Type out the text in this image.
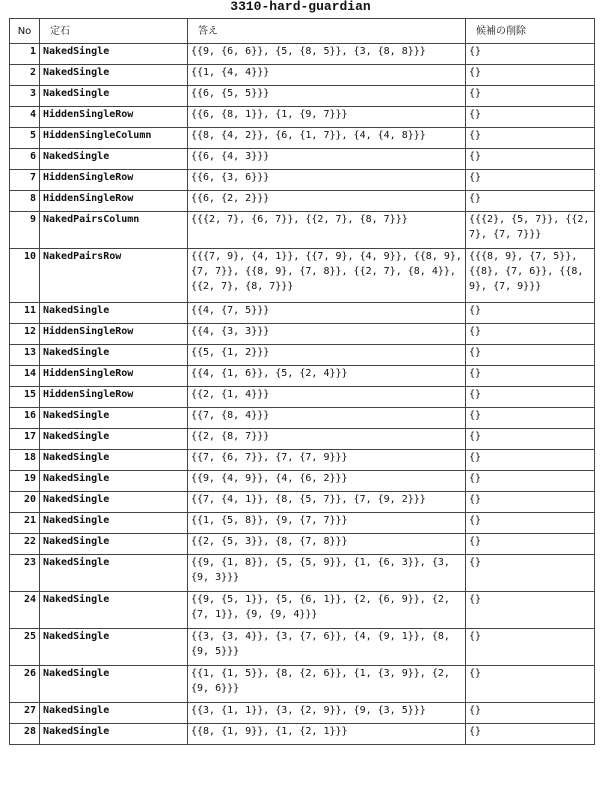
3310-hard-guardian
No	定石	答え	候補の削除
1	NakedSingle	{{9, {6, 6}}, {5, {8, 5}}, {3, {8, 8}}}	{}
2	NakedSingle	{{1, {4, 4}}}	{}
3	NakedSingle	{{6, {5, 5}}}	{}
4	HiddenSingleRow	{{6, {8, 1}}, {1, {9, 7}}}	{}
5	HiddenSingleColumn	{{8, {4, 2}}, {6, {1, 7}}, {4, {4, 8}}}	{}
6	NakedSingle	{{6, {4, 3}}}	{}
7	HiddenSingleRow	{{6, {3, 6}}}	{}
8	HiddenSingleRow	{{6, {2, 2}}}	{}
9	NakedPairsColumn	{{{2, 7}, {6, 7}}, {{2, 7}, {8, 7}}}	{{{2}, {5, 7}}, {{2, 7}, {7, 7}}}
10	NakedPairsRow	{{{7, 9}, {4, 1}}, {{7, 9}, {4, 9}}, {{8, 9}, {7, 7}}, {{8, 9}, {7, 8}}, {{2, 7}, {8, 4}}, {{2, 7}, {8, 7}}}	{{{8, 9}, {7, 5}}, {{8}, {7, 6}}, {{8, 9}, {7, 9}}}
11	NakedSingle	{{4, {7, 5}}}	{}
12	HiddenSingleRow	{{4, {3, 3}}}	{}
13	NakedSingle	{{5, {1, 2}}}	{}
14	HiddenSingleRow	{{4, {1, 6}}, {5, {2, 4}}}	{}
15	HiddenSingleRow	{{2, {1, 4}}}	{}
16	NakedSingle	{{7, {8, 4}}}	{}
17	NakedSingle	{{2, {8, 7}}}	{}
18	NakedSingle	{{7, {6, 7}}, {7, {7, 9}}}	{}
19	NakedSingle	{{9, {4, 9}}, {4, {6, 2}}}	{}
20	NakedSingle	{{7, {4, 1}}, {8, {5, 7}}, {7, {9, 2}}}	{}
21	NakedSingle	{{1, {5, 8}}, {9, {7, 7}}}	{}
22	NakedSingle	{{2, {5, 3}}, {8, {7, 8}}}	{}
23	NakedSingle	{{9, {1, 8}}, {5, {5, 9}}, {1, {6, 3}}, {3, {9, 3}}}	{}
24	NakedSingle	{{9, {5, 1}}, {5, {6, 1}}, {2, {6, 9}}, {2, {7, 1}}, {9, {9, 4}}}	{}
25	NakedSingle	{{3, {3, 4}}, {3, {7, 6}}, {4, {9, 1}}, {8, {9, 5}}}	{}
26	NakedSingle	{{1, {1, 5}}, {8, {2, 6}}, {1, {3, 9}}, {2, {9, 6}}}	{}
27	NakedSingle	{{3, {1, 1}}, {3, {2, 9}}, {9, {3, 5}}}	{}
28	NakedSingle	{{8, {1, 9}}, {1, {2, 1}}}	{}
